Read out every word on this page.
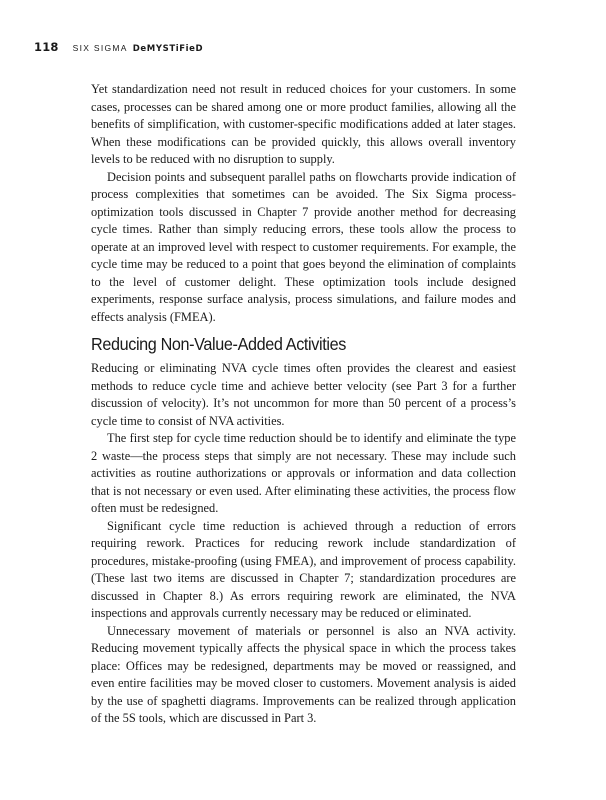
118 SIX SIGMA DeMYSTiFieD

Yet standardization need not result in reduced choices for your customers. In some cases, processes can be shared among one or more product families, allowing all the benefits of simplification, with customer-specific modifications added at later stages. When these modifications can be provided quickly, this allows overall inventory levels to be reduced with no disruption to supply.

Decision points and subsequent parallel paths on flowcharts provide indication of process complexities that sometimes can be avoided. The Six Sigma process-optimization tools discussed in Chapter 7 provide another method for decreasing cycle times. Rather than simply reducing errors, these tools allow the process to operate at an improved level with respect to customer requirements. For example, the cycle time may be reduced to a point that goes beyond the elimination of complaints to the level of customer delight. These optimization tools include designed experiments, response surface analysis, process simulations, and failure modes and effects analysis (FMEA).

Reducing Non-Value-Added Activities

Reducing or eliminating NVA cycle times often provides the clearest and easiest methods to reduce cycle time and achieve better velocity (see Part 3 for a further discussion of velocity). It’s not uncommon for more than 50 percent of a process’s cycle time to consist of NVA activities.

The first step for cycle time reduction should be to identify and eliminate the type 2 waste—the process steps that simply are not necessary. These may include such activities as routine authorizations or approvals or information and data collection that is not necessary or even used. After eliminating these activities, the process flow often must be redesigned.

Significant cycle time reduction is achieved through a reduction of errors requiring rework. Practices for reducing rework include standardization of procedures, mistake-proofing (using FMEA), and improvement of process capability. (These last two items are discussed in Chapter 7; standardization procedures are discussed in Chapter 8.) As errors requiring rework are eliminated, the NVA inspections and approvals currently necessary may be reduced or eliminated.

Unnecessary movement of materials or personnel is also an NVA activity. Reducing movement typically affects the physical space in which the process takes place: Offices may be redesigned, departments may be moved or reassigned, and even entire facilities may be moved closer to customers. Movement analysis is aided by the use of spaghetti diagrams. Improvements can be realized through application of the 5S tools, which are discussed in Part 3.
